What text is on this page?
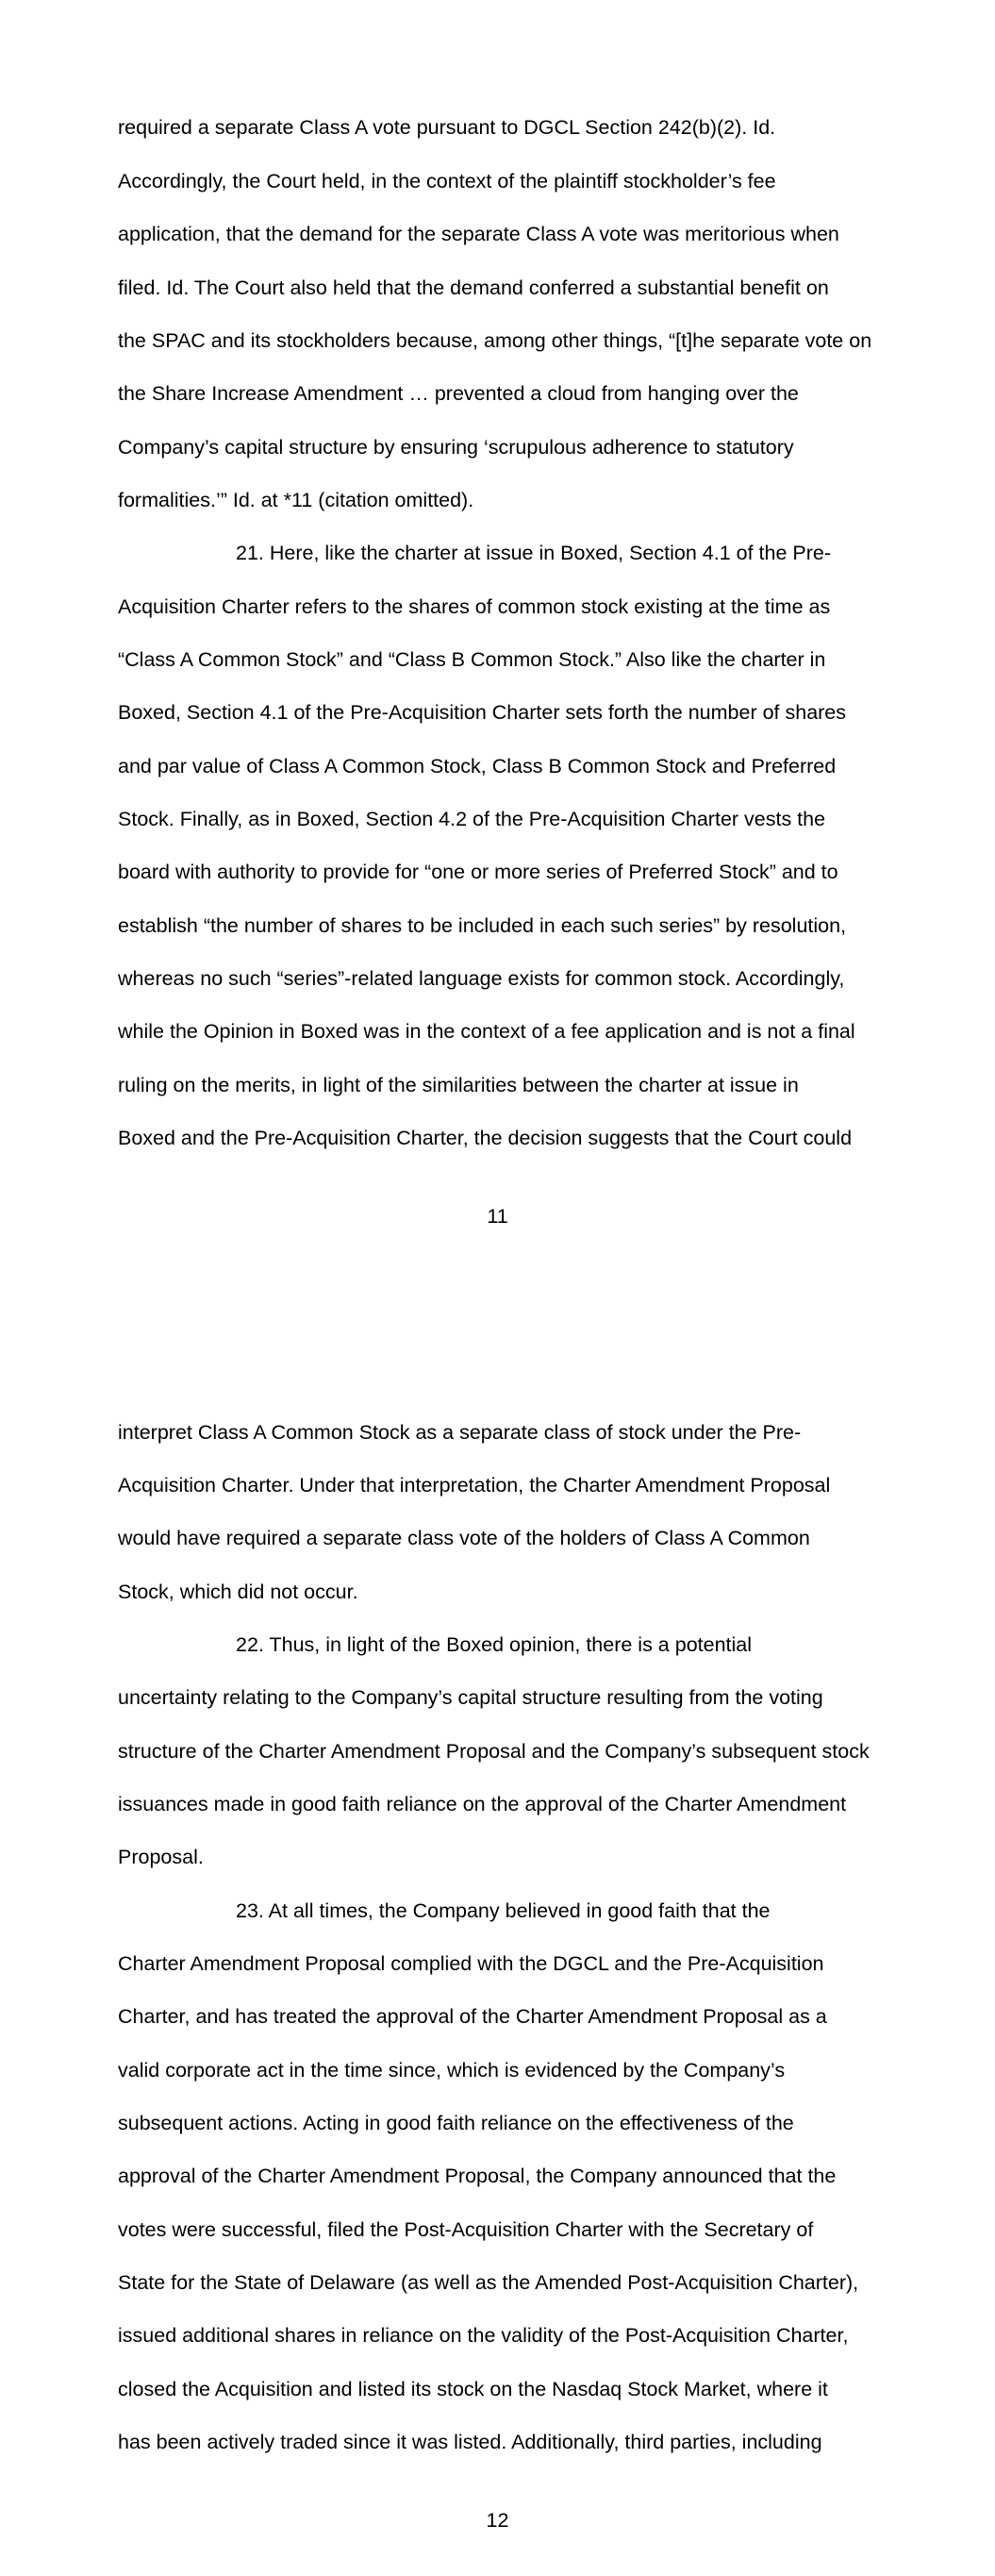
required a separate Class A vote pursuant to DGCL Section 242(b)(2). Id.
Accordingly, the Court held, in the context of the plaintiff stockholder’s fee
application, that the demand for the separate Class A vote was meritorious when
filed. Id. The Court also held that the demand conferred a substantial benefit on
the SPAC and its stockholders because, among other things, “[t]he separate vote on
the Share Increase Amendment … prevented a cloud from hanging over the
Company’s capital structure by ensuring ‘scrupulous adherence to statutory
formalities.’” Id. at *11 (citation omitted).
21. Here, like the charter at issue in Boxed, Section 4.1 of the Pre-
Acquisition Charter refers to the shares of common stock existing at the time as
“Class A Common Stock” and “Class B Common Stock.” Also like the charter in
Boxed, Section 4.1 of the Pre-Acquisition Charter sets forth the number of shares
and par value of Class A Common Stock, Class B Common Stock and Preferred
Stock. Finally, as in Boxed, Section 4.2 of the Pre-Acquisition Charter vests the
board with authority to provide for “one or more series of Preferred Stock” and to
establish “the number of shares to be included in each such series” by resolution,
whereas no such “series”-related language exists for common stock. Accordingly,
while the Opinion in Boxed was in the context of a fee application and is not a final
ruling on the merits, in light of the similarities between the charter at issue in
Boxed and the Pre-Acquisition Charter, the decision suggests that the Court could
11
interpret Class A Common Stock as a separate class of stock under the Pre-
Acquisition Charter. Under that interpretation, the Charter Amendment Proposal
would have required a separate class vote of the holders of Class A Common
Stock, which did not occur.
22. Thus, in light of the Boxed opinion, there is a potential
uncertainty relating to the Company’s capital structure resulting from the voting
structure of the Charter Amendment Proposal and the Company’s subsequent stock
issuances made in good faith reliance on the approval of the Charter Amendment
Proposal.
23. At all times, the Company believed in good faith that the
Charter Amendment Proposal complied with the DGCL and the Pre-Acquisition
Charter, and has treated the approval of the Charter Amendment Proposal as a
valid corporate act in the time since, which is evidenced by the Company’s
subsequent actions. Acting in good faith reliance on the effectiveness of the
approval of the Charter Amendment Proposal, the Company announced that the
votes were successful, filed the Post-Acquisition Charter with the Secretary of
State for the State of Delaware (as well as the Amended Post-Acquisition Charter),
issued additional shares in reliance on the validity of the Post-Acquisition Charter,
closed the Acquisition and listed its stock on the Nasdaq Stock Market, where it
has been actively traded since it was listed. Additionally, third parties, including
12
